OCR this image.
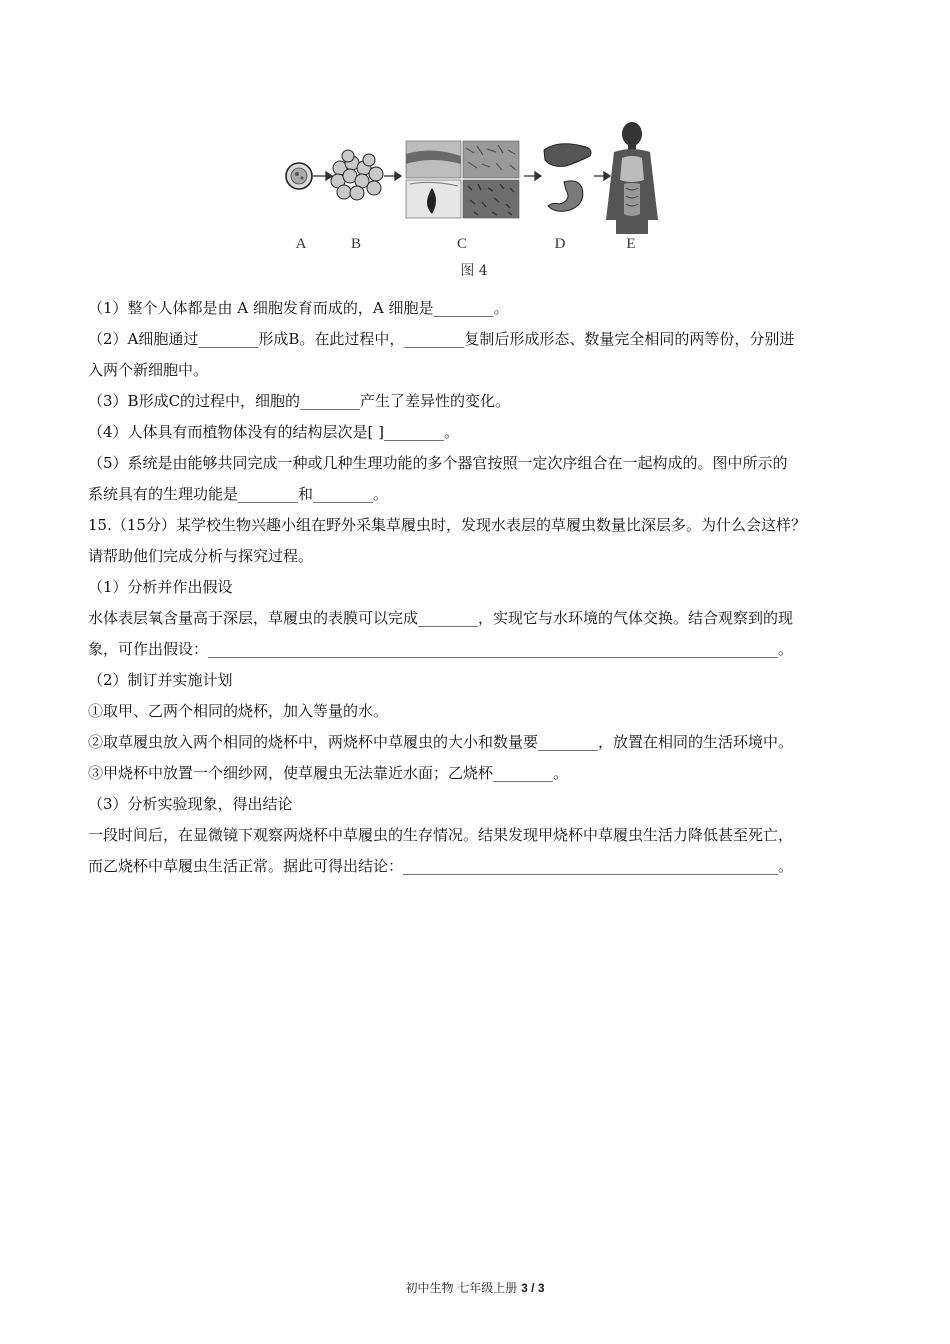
A	B	C	D	E
图 4
（1）整个人体都是由 A 细胞发育而成的，A 细胞是________。
（2）A细胞通过________形成B。在此过程中，________复制后形成形态、数量完全相同的两等份，分别进
入两个新细胞中。
（3）B形成C的过程中，细胞的________产生了差异性的变化。
（4）人体具有而植物体没有的结构层次是[ ]________。
（5）系统是由能够共同完成一种或几种生理功能的多个器官按照一定次序组合在一起构成的。图中所示的
系统具有的生理功能是________和________。
15.（15分）某学校生物兴趣小组在野外采集草履虫时，发现水表层的草履虫数量比深层多。为什么会这样？
请帮助他们完成分析与探究过程。
（1）分析并作出假设
水体表层氧含量高于深层，草履虫的表膜可以完成________，实现它与水环境的气体交换。结合观察到的现
象，可作出假设：____________________________________________________________________________。
（2）制订并实施计划
①取甲、乙两个相同的烧杯，加入等量的水。
②取草履虫放入两个相同的烧杯中，两烧杯中草履虫的大小和数量要________，放置在相同的生活环境中。
③甲烧杯中放置一个细纱网，使草履虫无法靠近水面；乙烧杯________。
（3）分析实验现象，得出结论
一段时间后，在显微镜下观察两烧杯中草履虫的生存情况。结果发现甲烧杯中草履虫生活力降低甚至死亡，
而乙烧杯中草履虫生活正常。据此可得出结论：__________________________________________________。
初中生物 七年级上册 3 / 3
